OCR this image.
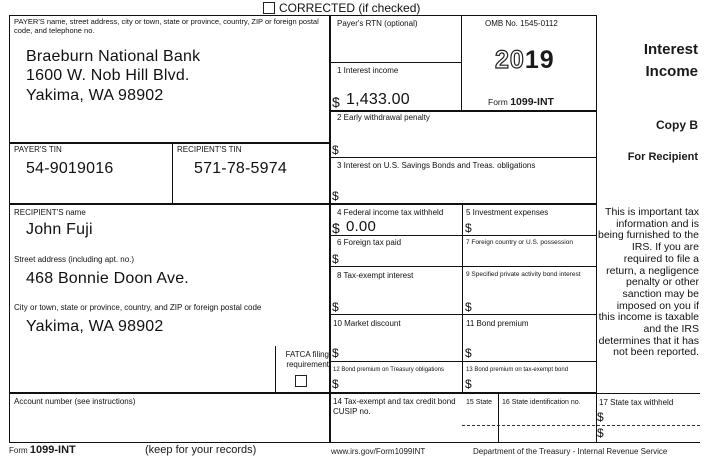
CORRECTED (if checked)
PAYER'S name, street address, city or town, state or province, country, ZIP or foreign postal code, and telephone no.
Braeburn National Bank
1600 W. Nob Hill Blvd.
Yakima, WA 98902
Payer's RTN (optional)	OMB No. 1545-0112
2019	Interest
Income
Copy B
For Recipient
1 Interest income
$ 1,433.00	Form 1099-INT
2 Early withdrawal penalty
$
PAYER'S TIN
54-9019016
RECIPIENT'S TIN
571-78-5974	3 Interest on U.S. Savings Bonds and Treas. obligations
$
RECIPIENT'S name
John Fuji
Street address (including apt. no.)
468 Bonnie Doon Ave.
City or town, state or province, country, and ZIP or foreign postal code
Yakima, WA 98902
FATCA filing requirement
Account number (see instructions)
4 Federal income tax withheld
$ 0.00
5 Investment expenses
$
6 Foreign tax paid
$
7 Foreign country or U.S. possession
8 Tax-exempt interest
$
9 Specified private activity bond interest
$
10 Market discount
$
11 Bond premium
$
12 Bond premium on Treasury obligations
$
13 Bond premium on tax-exempt bond
$
14 Tax-exempt and tax credit bond CUSIP no.
15 State 16 State identification no. 17 State tax withheld
$
$
This is important tax information and is being furnished to the IRS. If you are required to file a return, a negligence penalty or other sanction may be imposed on you if this income is taxable and the IRS determines that it has not been reported.
Form 1099-INT	(keep for your records)	www.irs.gov/Form1099INT	Department of the Treasury - Internal Revenue Service
